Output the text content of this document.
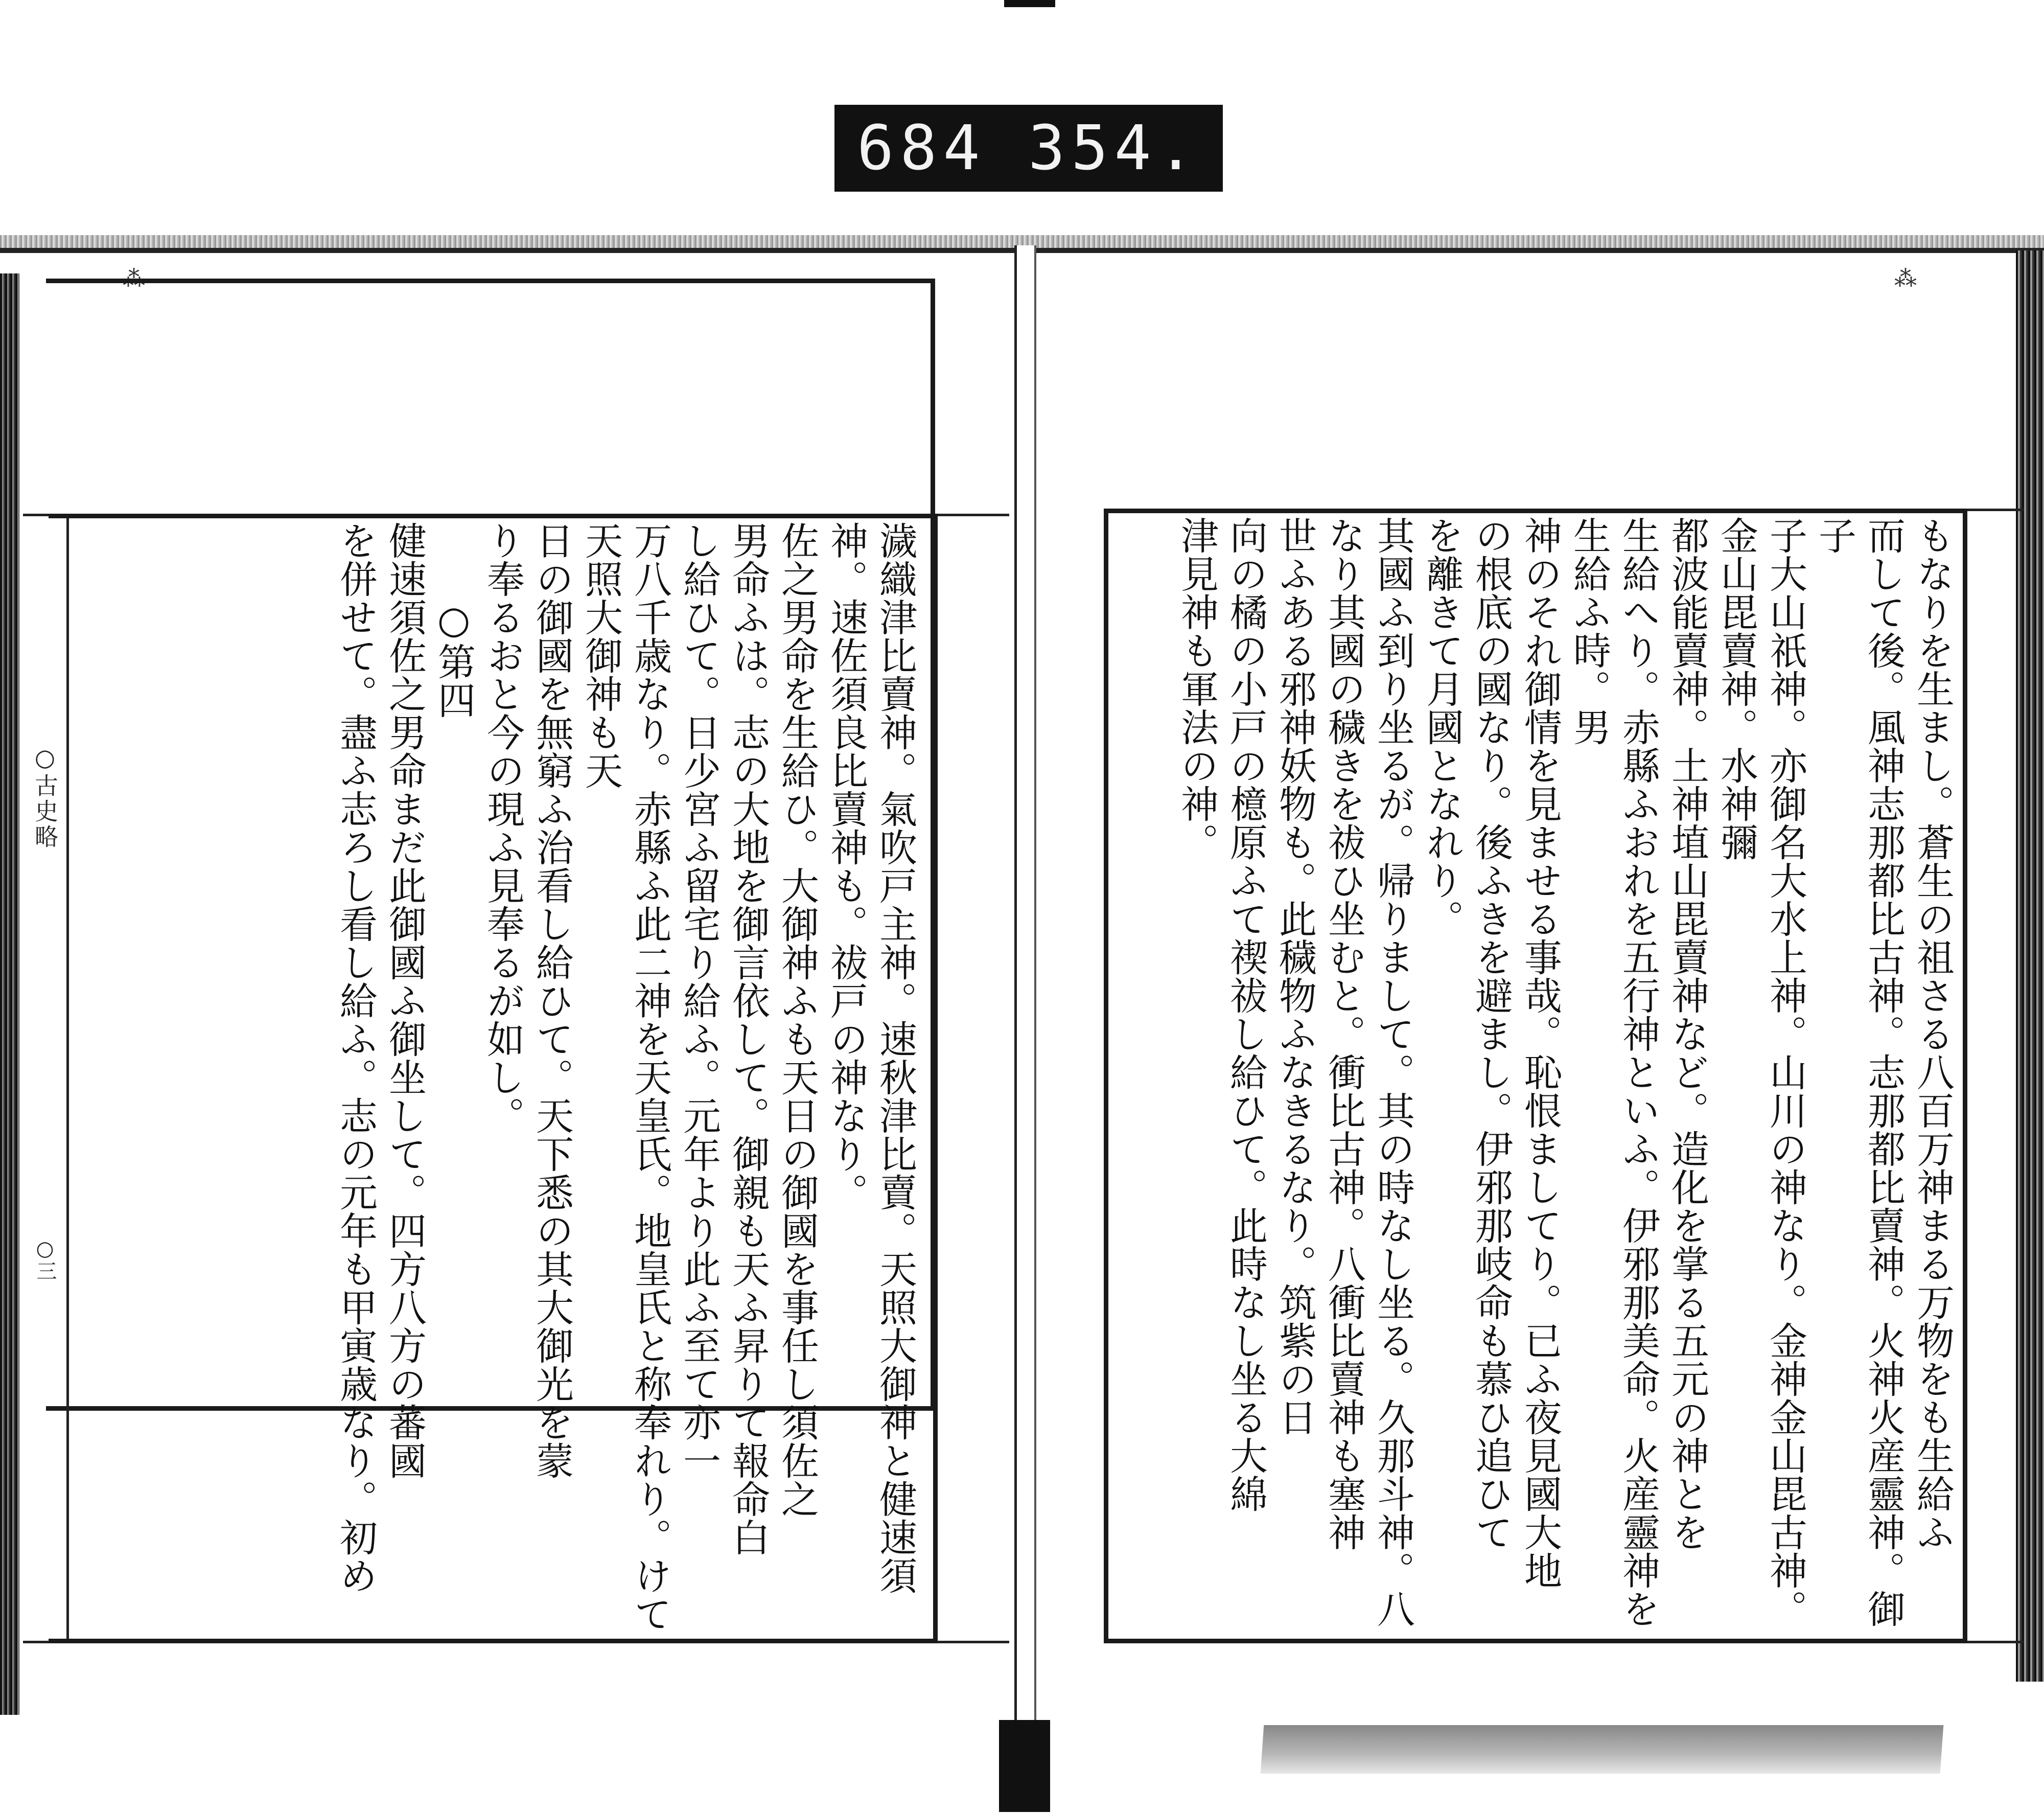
684 354.
⁂	⁂
○古史略
○三	濊織津比賣神。氣吹戸主神。速秋津比賣。天照大御神と健速須
神。速佐須良比賣神も。祓戸の神なり。
佐之男命を生給ひ。大御神ふも天日の御國を事任し須佐之
男命ふは。志の大地を御言依して。御親も天ふ昇りて報命白
し給ひて。日少宮ふ留宅り給ふ。元年より此ふ至て亦一
万八千歳なり。赤縣ふ此二神を天皇氏。地皇氏と称奉れり。けて天照大御神も天
日の御國を無窮ふ治看し給ひて。天下悉の其大御光を蒙
り奉るおと今の現ふ見奉るが如し。
　　○第四
健速須佐之男命まだ此御國ふ御坐して。四方八方の蕃國
を併せて。盡ふ志ろし看し給ふ。志の元年も甲寅歳なり。初め	もなりを生まし。蒼生の祖さる八百万神まる万物をも生給ふ
而して後。風神志那都比古神。志那都比賣神。火神火産靈神。御子
子大山祇神。亦御名大水上神。山川の神なり。金神金山毘古神。金山毘賣神。水神彌
都波能賣神。土神埴山毘賣神など。造化を掌る五元の神とを
生給へり。赤縣ふおれを五行神といふ。伊邪那美命。火産靈神を生給ふ時。男
神のそれ御情を見ませる事哉。恥恨ましてり。已ふ夜見國大地
の根底の國なり。後ふきを避まし。伊邪那岐命も慕ひ追ひて
を離きて月國となれり。
其國ふ到り坐るが。帰りまして。其の時なし坐る。久那斗神。八
なり其國の穢きを祓ひ坐むと。衝比古神。八衝比賣神も塞神
世ふある邪神妖物も。此穢物ふなきるなり。筑紫の日
向の橘の小戸の檍原ふて禊祓し給ひて。此時なし坐る大綿
津見神も軍法の神。
